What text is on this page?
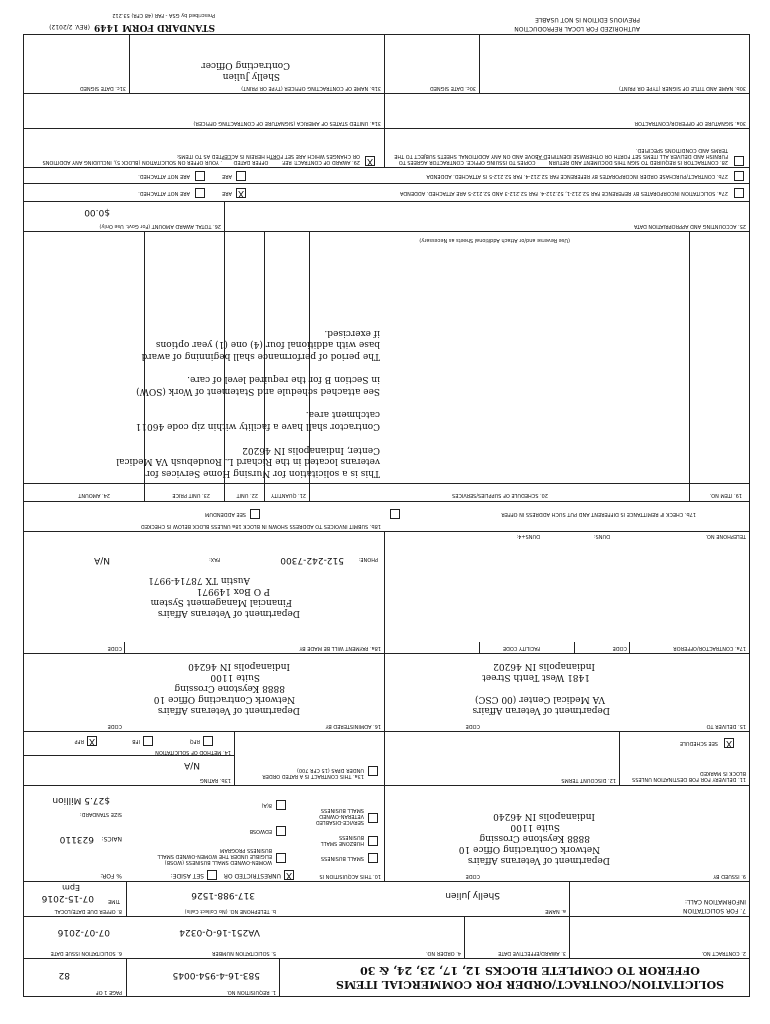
SOLICITATION/CONTRACT/ORDER FOR COMMERCIAL ITEMS
OFFEROR TO COMPLETE BLOCKS 12, 17, 23, 24, & 30
1. REQUISITION NO.
583-16-4-954-0045
PAGE 1 OF
82
2. CONTRACT NO.
3. AWARD/EFFECTIVE DATE
4. ORDER NO.
5. SOLICITATION NUMBER
VA251-16-Q-0324
6. SOLICITATION ISSUE DATE
07-07-2016
7. FOR SOLICITATION
INFORMATION CALL:
a. NAME
Shelly Julien
b. TELEPHONE NO. (No Collect Calls)
317-988-1526
8. OFFER DUE DATE/LOCAL
TIME
07-15-2016
Epm
9. ISSUED BY
CODE
Department of Veterans Affairs
Network Contracting Office 10
8888 Keystone Crossing
Suite 1100
Indianapolis IN 46240
10. THIS ACQUISITION IS
X
UNRESTRICTED OR
SET ASIDE:
% FOR:
SMALL BUSINESS
HUBZONE SMALL BUSINESS
SERVICE-DISABLED VETERAN-OWNED SMALL BUSINESS
WOMEN-OWNED SMALL BUSINESS (WOSB) ELIGIBLE UNDER THE WOMEN-OWNED SMALL BUSINESS PROGRAM
EDWOSB
8(A)
NAICS:
623110
SIZE STANDARD:
$27.5 Million
11. DELIVERY FOR FOB DESTINATION UNLESS BLOCK IS MARKED
X
SEE SCHEDULE
12. DISCOUNT TERMS
13a. THIS CONTRACT IS A RATED ORDER UNDER DPAS (15 CFR 700)
13b. RATING
N/A
14. METHOD OF SOLICITATION
RFQ
IFB
X
RFP
15. DELIVER TO
CODE
Department of Veteran Affairs
VA Medical Center (00 CSC)
1481 West Tenth Street
Indianapolis IN 46202
16. ADMINISTERED BY
CODE
Department of Veterans Affairs
Network Contracting Office 10
8888 Keystone Crossing
Suite 1100
Indianapolis IN 46240
17a. CONTRACTOR/OFFEROR
CODE
FACILITY CODE
18a. PAYMENT WILL BE MADE BY
CODE
Department of Veterans Affairs
Financial Management System
P O Box 149971
Austin TX 78714-9971
PHONE:
512-242-7300
FAX:
N/A
TELEPHONE NO.
DUNS:
DUNS+4:
17b. CHECK IF REMITTANCE IS DIFFERENT AND PUT SUCH ADDRESS IN OFFER
18b. SUBMIT INVOICES TO ADDRESS SHOWN IN BLOCK 18a UNLESS BLOCK BELOW IS CHECKED
SEE ADDENDUM
19. ITEM NO.
20. SCHEDULE OF SUPPLIES/SERVICES
21. QUANTITY
22. UNIT
23. UNIT PRICE
24. AMOUNT
This is a solicitation for Nursing Home Services for
veterans located in the Richard L. Roudebush VA Medical
Center, Indianapolis IN 46202

Contractor shall have a facility within zip code 46011
catchment area.

See attached schedule and Statement of Work (SOW)
in Section B for the required level of care.

The period of performance shall beginning of award
base with additional four (4) one (1) year options
if exercised.
(Use Reverse and/or Attach Additional Sheets as Necessary)
25. ACCOUNTING AND APPROPRIATION DATA
26. TOTAL AWARD AMOUNT (For Govt. Use Only)
$0.00
27a. SOLICITATION INCORPORATES BY REFERENCE FAR 52.212-1, 52.212-4. FAR 52.212-3 AND 52.212-5 ARE ATTACHED. ADDENDA
X
ARE
ARE NOT ATTACHED.
27b. CONTRACT/PURCHASE ORDER INCORPORATES BY REFERENCE FAR 52.212-4. FAR 52.212-5 IS ATTACHED. ADDENDA
ARE
ARE NOT ATTACHED.
28. CONTRACTOR IS REQUIRED TO SIGN THIS DOCUMENT AND RETURN ____ COPIES TO ISSUING OFFICE. CONTRACTOR AGREES TO FURNISH AND DELIVER ALL ITEMS SET FORTH OR OTHERWISE IDENTIFIED ABOVE AND ON ANY ADDITIONAL SHEETS SUBJECT TO THE TERMS AND CONDITIONS SPECIFIED.
X
29. AWARD OF CONTRACT: REF. ____ OFFER DATED ____. YOUR OFFER ON SOLICITATION (BLOCK 5), INCLUDING ANY ADDITIONS OR CHANGES WHICH ARE SET FORTH HEREIN IS ACCEPTED AS TO ITEMS:
30a. SIGNATURE OF OFFEROR/CONTRACTOR
31a. UNITED STATES OF AMERICA (SIGNATURE OF CONTRACTING OFFICER)
30b. NAME AND TITLE OF SIGNER (TYPE OR PRINT)
30c. DATE SIGNED
31b. NAME OF CONTRACTING OFFICER (TYPE OR PRINT)
Shelly Julien
Contracting Officer
31c. DATE SIGNED
AUTHORIZED FOR LOCAL REPRODUCTION
PREVIOUS EDITION IS NOT USABLE
STANDARD FORM 1449
(REV. 2/2012)
Prescribed by GSA - FAR (48 CFR) 53.212
